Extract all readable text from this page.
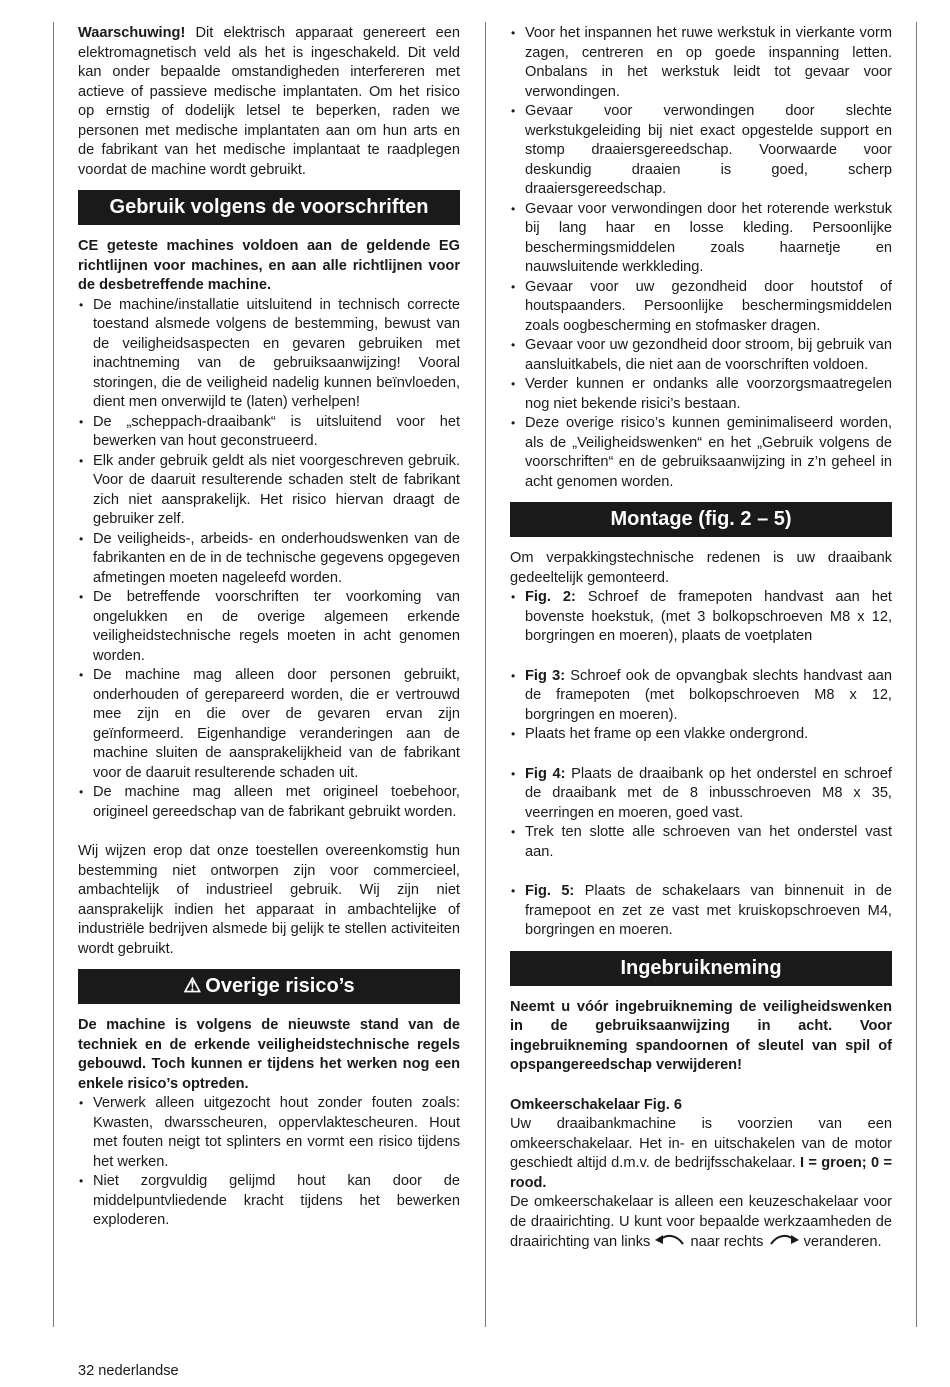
Waarschuwing! Dit elektrisch apparaat genereert een elektromagnetisch veld als het is ingeschakeld. Dit veld kan onder bepaalde omstandigheden interfereren met actieve of passieve medische implantaten. Om het risico op ernstig of dodelijk letsel te beperken, raden we personen met medische implantaten aan om hun arts en de fabrikant van het medische implantaat te raadplegen voordat de machine wordt gebruikt.

Gebruik volgens de voorschriften

CE geteste machines voldoen aan de geldende EG richtlijnen voor machines, en aan alle richtlijnen voor de desbetreffende machine.

• De machine/installatie uitsluitend in technisch correcte toestand alsmede volgens de bestemming, bewust van de veiligheidsaspecten en gevaren gebruiken met inachtneming van de gebruiksaanwijzing! Vooral storingen, die de veiligheid nadelig kunnen beïnvloeden, dient men onverwijld te (laten) verhelpen!
• De „scheppach-draaibank“ is uitsluitend voor het bewerken van hout geconstrueerd.
• Elk ander gebruik geldt als niet voorgeschreven gebruik. Voor de daaruit resulterende schaden stelt de fabrikant zich niet aansprakelijk. Het risico hiervan draagt de gebruiker zelf.
• De veiligheids-, arbeids- en onderhoudswenken van de fabrikanten en de in de technische gegevens opgegeven afmetingen moeten nageleefd worden.
• De betreffende voorschriften ter voorkoming van ongelukken en de overige algemeen erkende veiligheidstechnische regels moeten in acht genomen worden.
• De machine mag alleen door personen gebruikt, onderhouden of gerepareerd worden, die er vertrouwd mee zijn en die over de gevaren ervan zijn geïnformeerd. Eigenhandige veranderingen aan de machine sluiten de aansprakelijkheid van de fabrikant voor de daaruit resulterende schaden uit.
• De machine mag alleen met origineel toebehoor, origineel gereedschap van de fabrikant gebruikt worden.

Wij wijzen erop dat onze toestellen overeenkomstig hun bestemming niet ontworpen zijn voor commercieel, ambachtelijk of industrieel gebruik. Wij zijn niet aansprakelijk indien het apparaat in ambachtelijke of industriële bedrijven alsmede bij gelijk te stellen activiteiten wordt gebruikt.

⚠ Overige risico’s

De machine is volgens de nieuwste stand van de techniek en de erkende veiligheidstechnische regels gebouwd. Toch kunnen er tijdens het werken nog een enkele risico’s optreden.

• Verwerk alleen uitgezocht hout zonder fouten zoals: Kwasten, dwarsscheuren, oppervlaktescheuren. Hout met fouten neigt tot splinters en vormt een risico tijdens het werken.
• Niet zorgvuldig gelijmd hout kan door de middelpuntvliedende kracht tijdens het bewerken exploderen.
• Voor het inspannen het ruwe werkstuk in vierkante vorm zagen, centreren en op goede inspanning letten. Onbalans in het werkstuk leidt tot gevaar voor verwondingen.
• Gevaar voor verwondingen door slechte werkstukgeleiding bij niet exact opgestelde support en stomp draaiersgereedschap. Voorwaarde voor deskundig draaien is goed, scherp draaiersgereedschap.
• Gevaar voor verwondingen door het roterende werkstuk bij lang haar en losse kleding. Persoonlijke beschermingsmiddelen zoals haarnetje en nauwsluitende werkkleding.
• Gevaar voor uw gezondheid door houtstof of houtspaanders. Persoonlijke beschermingsmiddelen zoals oogbescherming en stofmasker dragen.
• Gevaar voor uw gezondheid door stroom, bij gebruik van aansluitkabels, die niet aan de voorschriften voldoen.
• Verder kunnen er ondanks alle voorzorgsmaatregelen nog niet bekende risici’s bestaan.
• Deze overige risico’s kunnen geminimaliseerd worden, als de „Veiligheidswenken“ en het „Gebruik volgens de voorschriften“ en de gebruiksaanwijzing in z’n geheel in acht genomen worden.
Montage (fig. 2 – 5)

Om verpakkingstechnische redenen is uw draaibank gedeeltelijk gemonteerd.

• Fig. 2: Schroef de framepoten handvast aan het bovenste hoekstuk, (met 3 bolkopschroeven M8 x 12, borgringen en moeren), plaats de voetplaten
• Fig 3: Schroef ook de opvangbak slechts handvast aan de framepoten (met bolkopschroeven M8 x 12, borgringen en moeren).
• Plaats het frame op een vlakke ondergrond.
• Fig 4: Plaats de draaibank op het onderstel en schroef de draaibank met de 8 inbusschroeven M8 x 35, veerringen en moeren, goed vast.
• Trek ten slotte alle schroeven van het onderstel vast aan.
• Fig. 5: Plaats de schakelaars van binnenuit in de framepoot en zet ze vast met kruiskopschroeven M4, borgringen en moeren.
Ingebruikneming

Neemt u vóór ingebruikneming de veiligheidswenken in de gebruiksaanwijzing in acht. Voor ingebruikneming spandoornen of sleutel van spil of opspangereedschap verwijderen!

Omkeerschakelaar Fig. 6

Uw draaibankmachine is voorzien van een omkeerschakelaar. Het in- en uitschakelen van de motor geschiedt altijd d.m.v. de bedrijfsschakelaar. I = groen; 0 = rood.

De omkeerschakelaar is alleen een keuzeschakelaar voor de draairichting. U kunt voor bepaalde werkzaamheden de draairichting van links	naar rechts	veranderen.

32 nederlandse
